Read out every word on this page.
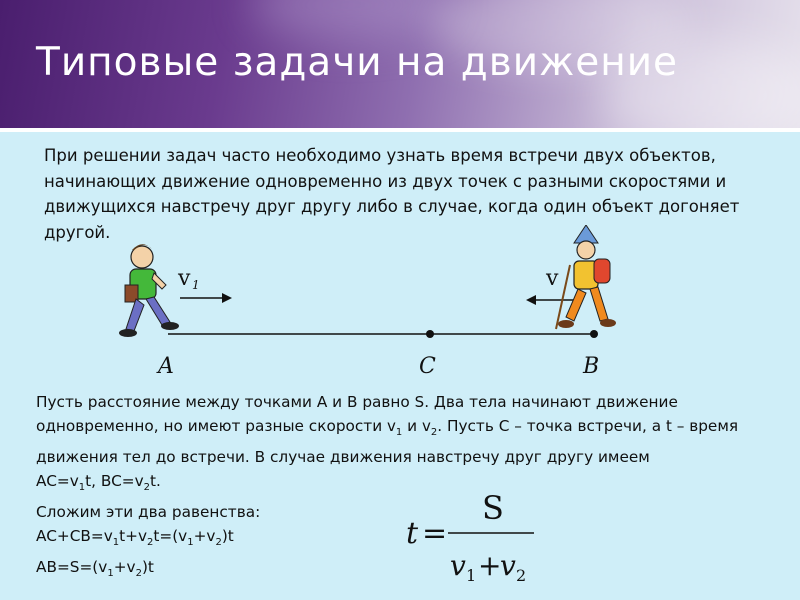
Типовые задачи на движение
При решении задач часто необходимо узнать время встречи двух объектов, начинающих движение одновременно из двух точек с разными скоростями и движущихся навстречу друг другу либо в случае, когда один объект догоняет другой.
A	C	B
v 1	v
Пусть расстояние между точками A и B равно S. Два тела начинают движение одновременно, но имеют разные скорости $v_1$ и $v_2$. Пусть C – точка встречи, а t – время движения тел до встречи. В случае движения навстречу друг другу имеем
$AC=v_1t$, $BC=v_2t$.
Сложим эти два равенства:
$AC+CB=v_1t+v_2t=(v_1+v_2)t$
$AB=S=(v_1+v_2)t$
t =
S
v 1 +
v 2
